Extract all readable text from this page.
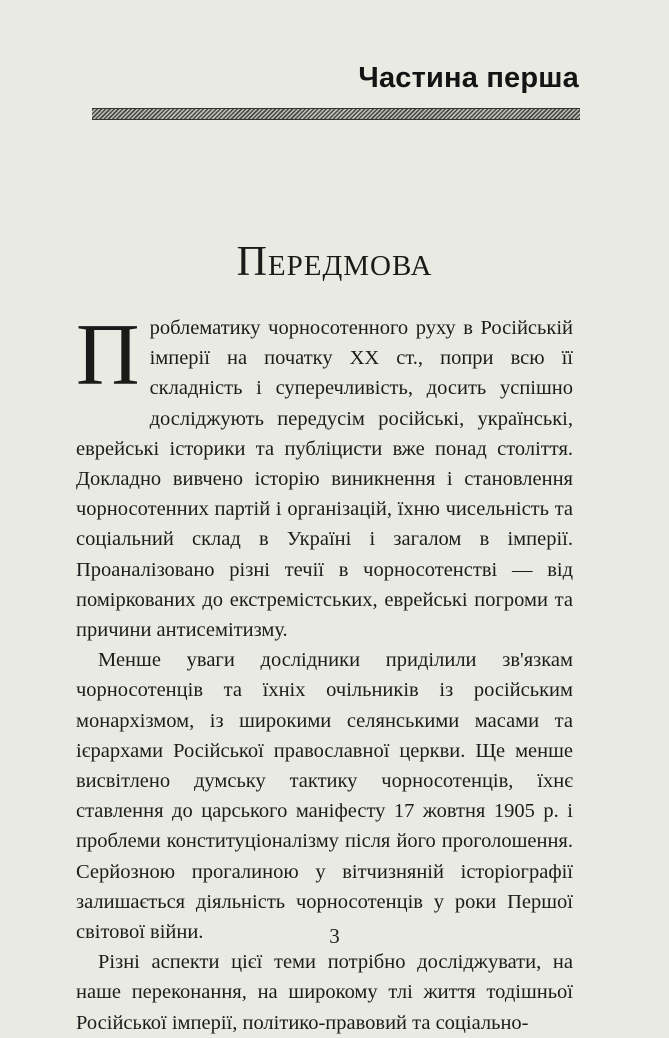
Частина перша
Передмова

Проблематику чорносотенного руху в Російській імперії на початку XX ст., попри всю її складність і суперечливість, досить успішно досліджують передусім російські, українські, еврейські історики та публіцисти вже понад століття. Докладно вивчено історію виникнення і становлення чорносотенних партій і організацій, їхню чисельність та соціальний склад в Україні і загалом в імперії. Проаналізовано різні течії в чорносотенстві — від поміркованих до екстремістських, еврейські погроми та причини антисемітизму.

Менше уваги дослідники приділили зв'язкам чорносотенців та їхніх очільників із російським монархізмом, із широкими селянськими масами та ієрархами Російської православної церкви. Ще менше висвітлено думську тактику чорносотенців, їхнє ставлення до царського маніфесту 17 жовтня 1905 р. і проблеми конституціоналізму після його проголошення. Серйозною прогалиною у вітчизняній історіографії залишається діяльність чорносотенців у роки Першої світової війни.

Різні аспекти цієї теми потрібно досліджувати, на наше переконання, на широкому тлі життя тодішньої Російської імперії, політико-правовий та соціально-

3
